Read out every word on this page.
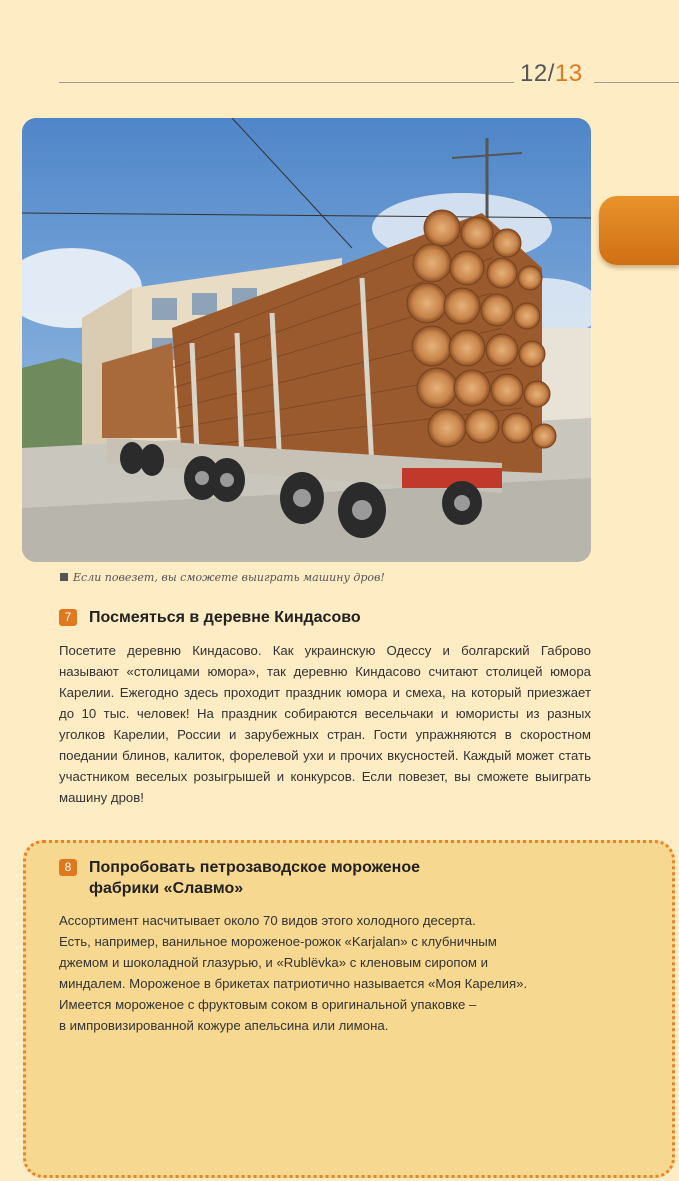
12/13
Если повезет, вы сможете выиграть машину дров!
7	Посмеяться в деревне Киндасово

Посетите деревню Киндасово. Как украинскую Одессу и болгарский Габрово называют «столицами юмора», так деревню Киндасово считают столицей юмора Карелии. Ежегодно здесь проходит праздник юмора и смеха, на который приезжает до 10 тыс. человек! На праздник собираются весельчаки и юмористы из разных уголков Карелии, России и зарубежных стран. Гости упражняются в скоростном поедании блинов, калиток, форелевой ухи и прочих вкусностей. Каждый может стать участником веселых розыгрышей и конкурсов. Если повезет, вы сможете выиграть машину дров!

8	Попробовать петрозаводское мороженое
фабрики «Славмо»
Ассортимент насчитывает около 70 видов этого холодного десерта.
Есть, например, ванильное мороженое-рожок «Karjalan» с клубничным
джемом и шоколадной глазурью, и «Rublëvka» с кленовым сиропом и
миндалем. Мороженое в брикетах патриотично называется «Моя Карелия».
Имеется мороженое с фруктовым соком в оригинальной упаковке –
в импровизированной кожуре апельсина или лимона.
